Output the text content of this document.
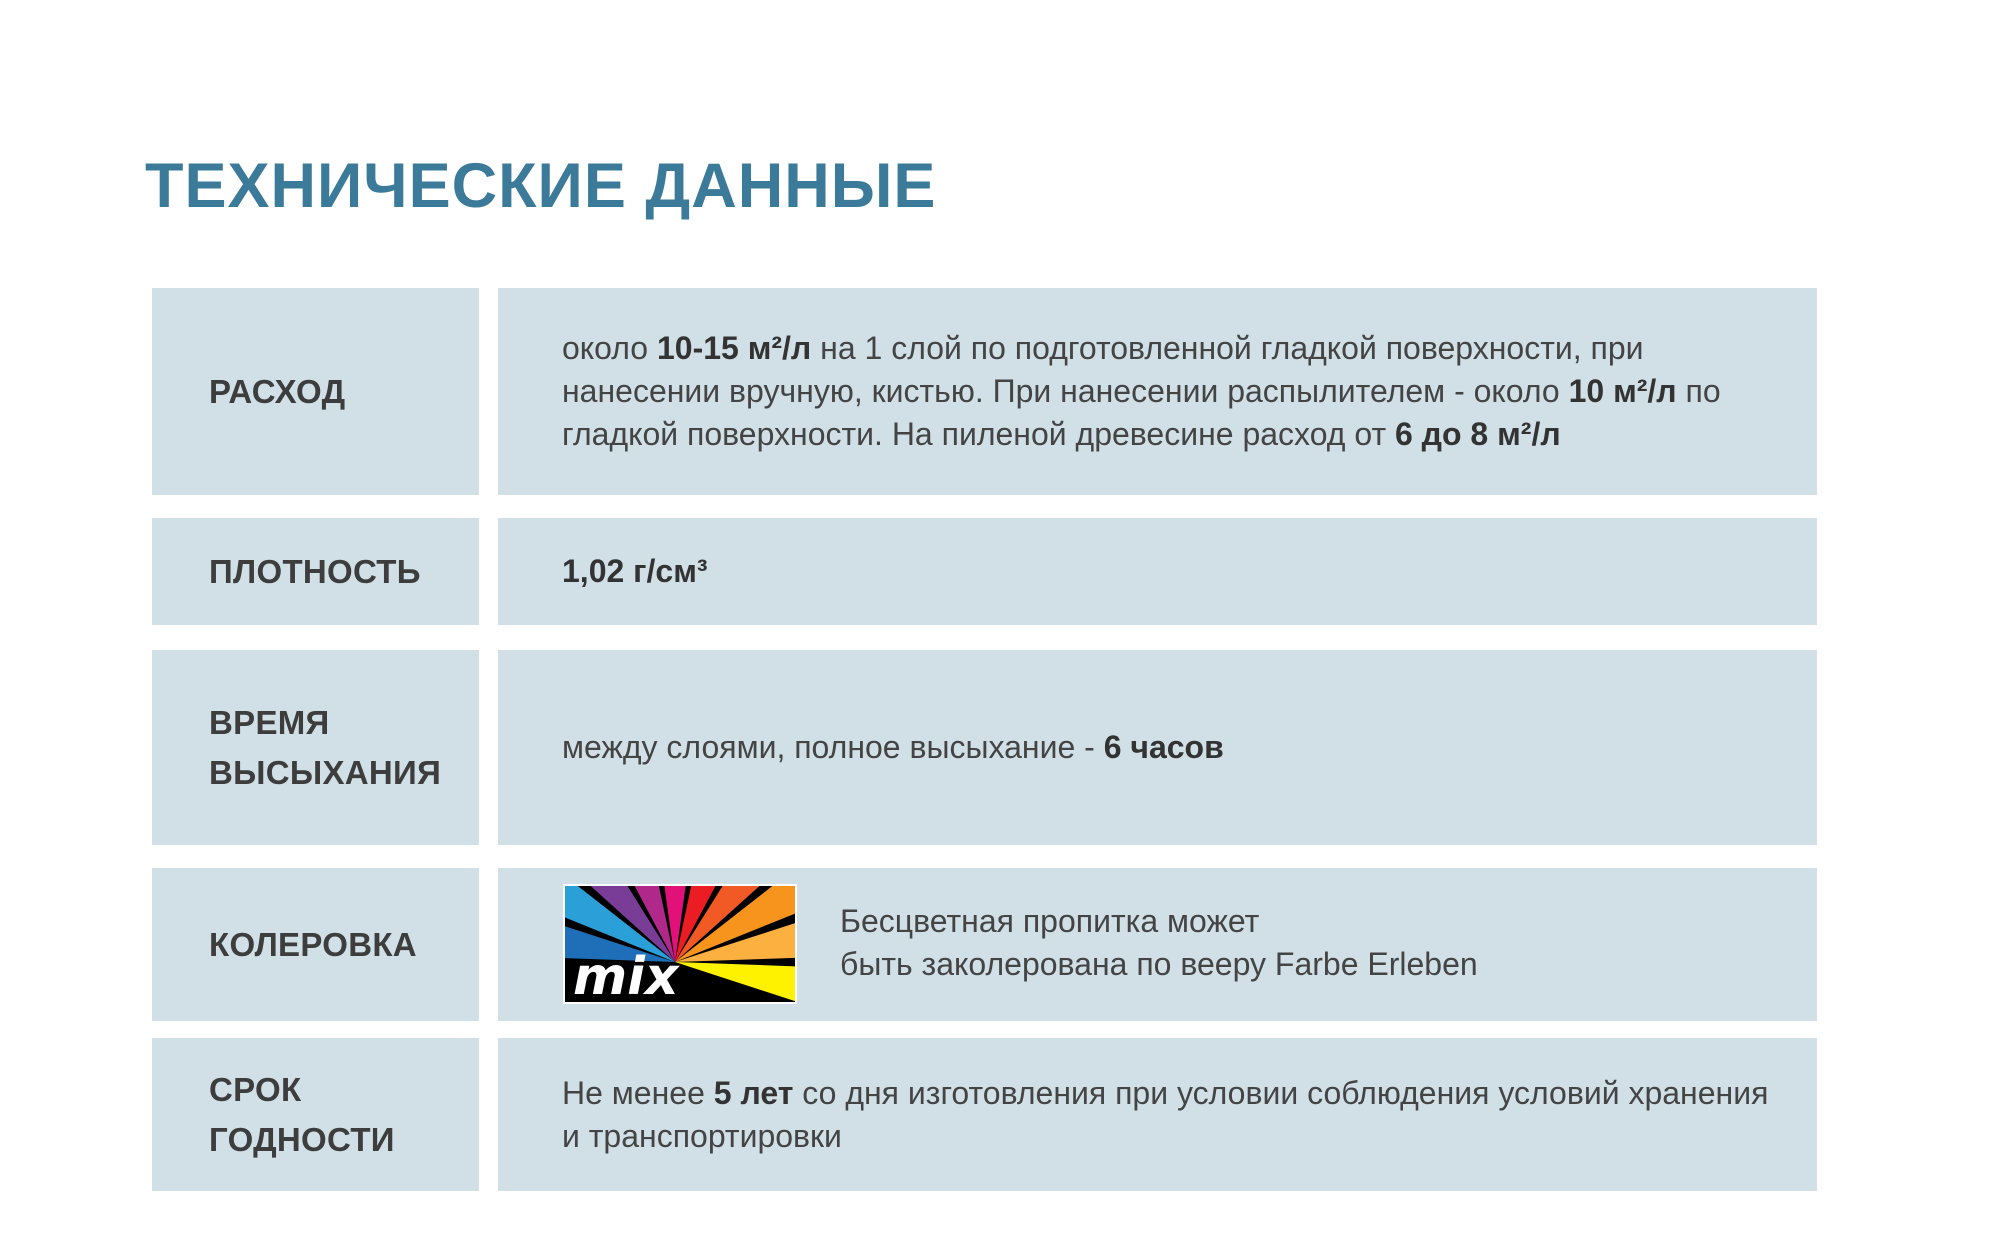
ТЕХНИЧЕСКИЕ ДАННЫЕ
РАСХОД
около 10-15 м²/л на 1 слой по подготовленной гладкой поверхности, при нанесении вручную, кистью. При нанесении распылителем - около 10 м²/л по гладкой поверхности. На пиленой древесине расход от 6 до 8 м²/л
ПЛОТНОСТЬ	1,02 г/см³
ВРЕМЯ
ВЫСЫХАНИЯ
между слоями, полное высыхание - 6 часов
КОЛЕРОВКА
mix
Бесцветная пропитка может
быть заколерована по вееру Farbe Erleben
СРОК
ГОДНОСТИ
Не менее 5 лет со дня изготовления при условии соблюдения условий хранения и транспортировки
